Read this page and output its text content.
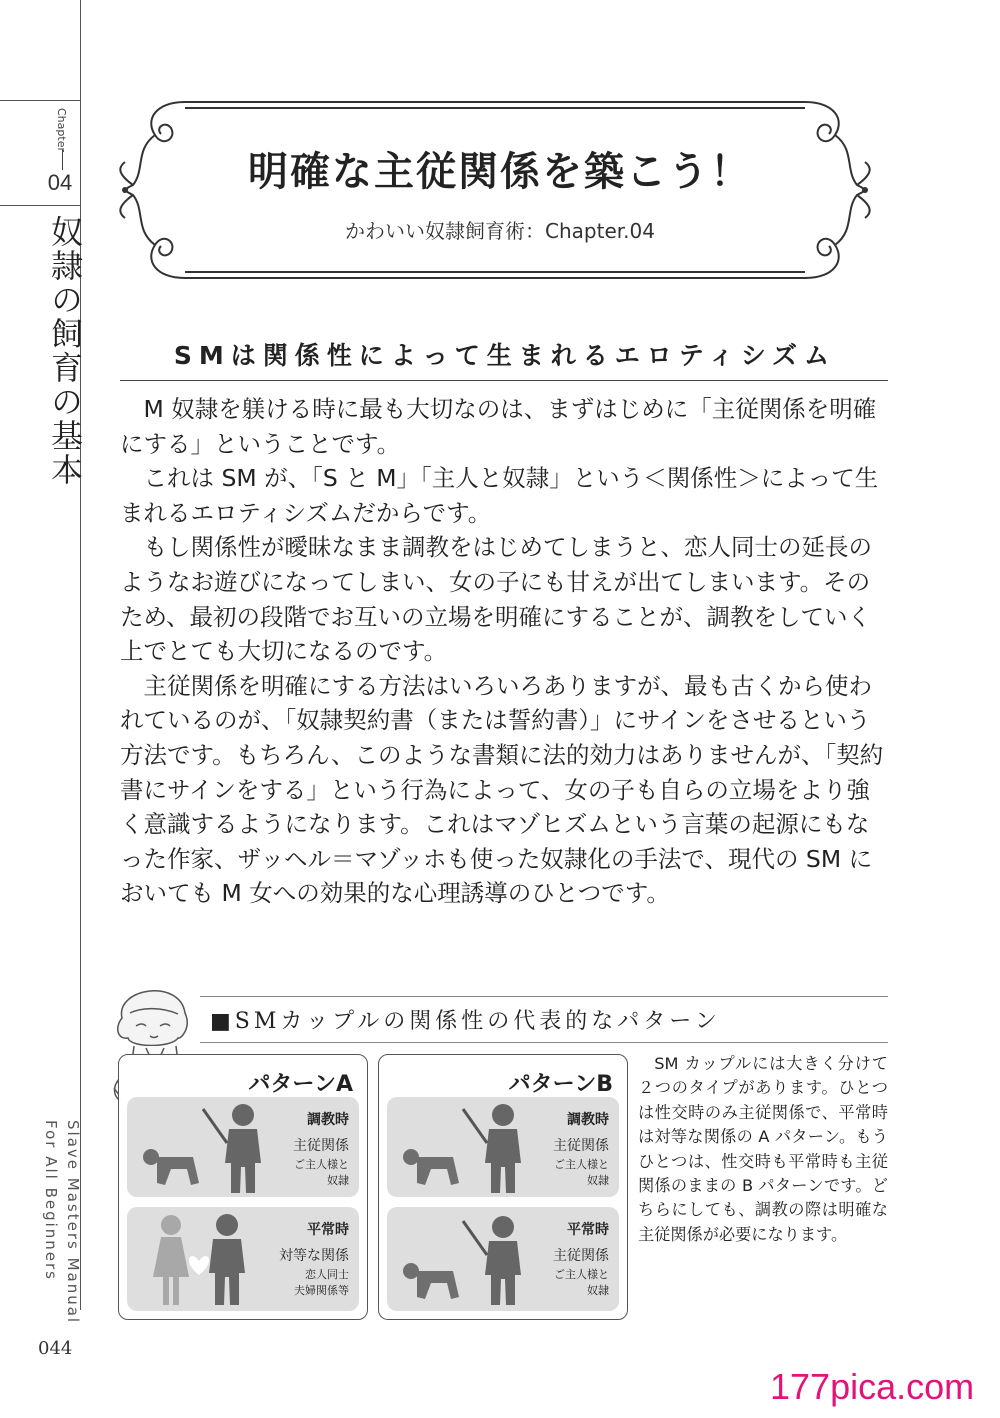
Chapter
04
奴隷の飼育の基本
Slave Masters Manual
For All Beginners
044
明確な主従関係を築こう！
かわいい奴隷飼育術：Chapter.04
SMは関係性によって生まれるエロティシズム

M 奴隷を躾ける時に最も大切なのは、まずはじめに「主従関係を明確にする」ということです。

これは SM が、「S と M」「主人と奴隷」という＜関係性＞によって生まれるエロティシズムだからです。

もし関係性が曖昧なまま調教をはじめてしまうと、恋人同士の延長のようなお遊びになってしまい、女の子にも甘えが出てしまいます。そのため、最初の段階でお互いの立場を明確にすることが、調教をしていく上でとても大切になるのです。

主従関係を明確にする方法はいろいろありますが、最も古くから使われているのが、「奴隷契約書（または誓約書）」にサインをさせるという方法です。もちろん、このような書類に法的効力はありませんが、「契約書にサインをする」という行為によって、女の子も自らの立場をより強く意識するようになります。これはマゾヒズムという言葉の起源にもなった作家、ザッヘル＝マゾッホも使った奴隷化の手法で、現代の SM においても M 女への効果的な心理誘導のひとつです。

■SMカップルの関係性の代表的なパターン
パターンA
調教時
主従関係
ご主人様と
奴隷
平常時
対等な関係
恋人同士
夫婦関係等
パターンB
調教時
主従関係
ご主人様と
奴隷
平常時
主従関係
ご主人様と
奴隷

SM カップルには大きく分けて２つのタイプがあります。ひとつは性交時のみ主従関係で、平常時は対等な関係の A パターン。もうひとつは、性交時も平常時も主従関係のままの B パターンです。どちらにしても、調教の際は明確な主従関係が必要になります。

177pica.com
